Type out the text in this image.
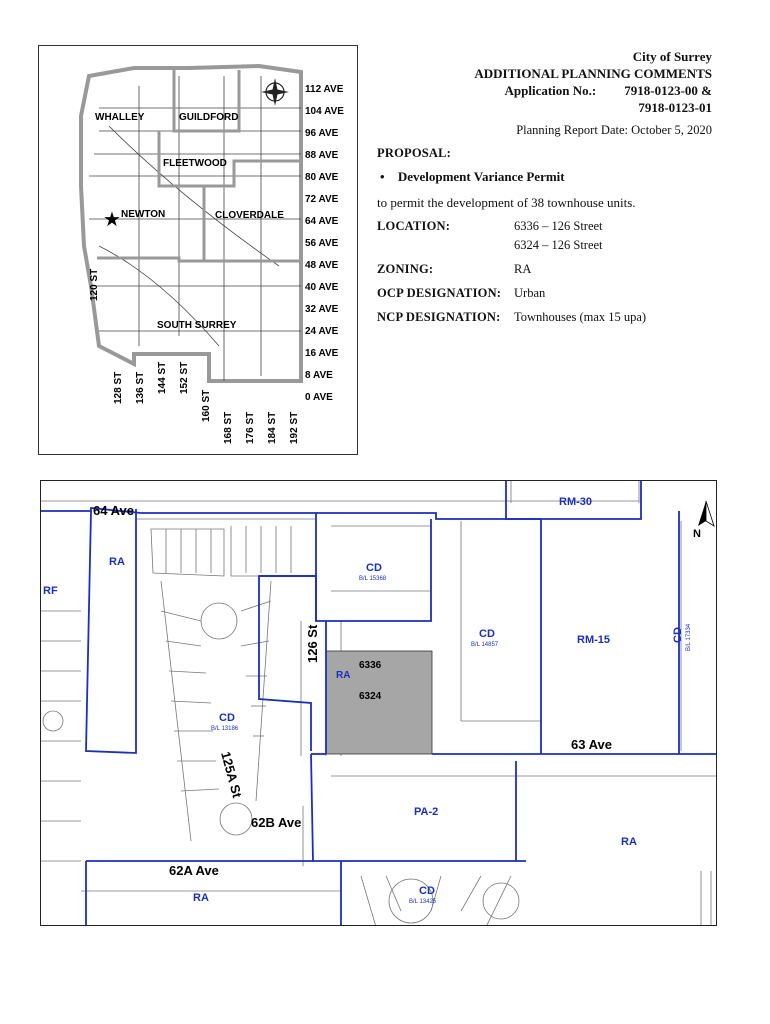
★
WHALLEY	GUILDFORD
FLEETWOOD
NEWTON	CLOVERDALE
SOUTH SURREY
112 AVE
104 AVE
96 AVE
88 AVE
80 AVE
72 AVE
64 AVE
56 AVE
48 AVE
40 AVE
32 AVE
24 AVE
16 AVE
8 AVE
0 AVE
120 ST
128 ST 136 ST 144 ST 152 ST
160 ST
168 ST 176 ST 184 ST 192 ST
City of Surrey
ADDITIONAL PLANNING COMMENTS
Application No.: 7918-0123-00 &
7918-0123-01
Planning Report Date: October 5, 2020
PROPOSAL:
• Development Variance Permit
to permit the development of 38 townhouse units.
LOCATION:	6336 – 126 Street
6324 – 126 Street
ZONING:	RA
OCP DESIGNATION: Urban
NCP DESIGNATION: Townhouses (max 15 upa)
N
64 Ave
126 St
125A St
62B Ave
62A Ave
63 Ave
RM-30
RA
RF
CD
B/L 15368
RA
6336
6324
CD
B/L 13186
CD
B/L 14857	RM-15	CD B/L 17334
PA-2
RA
RA
CD
B/L 13425
